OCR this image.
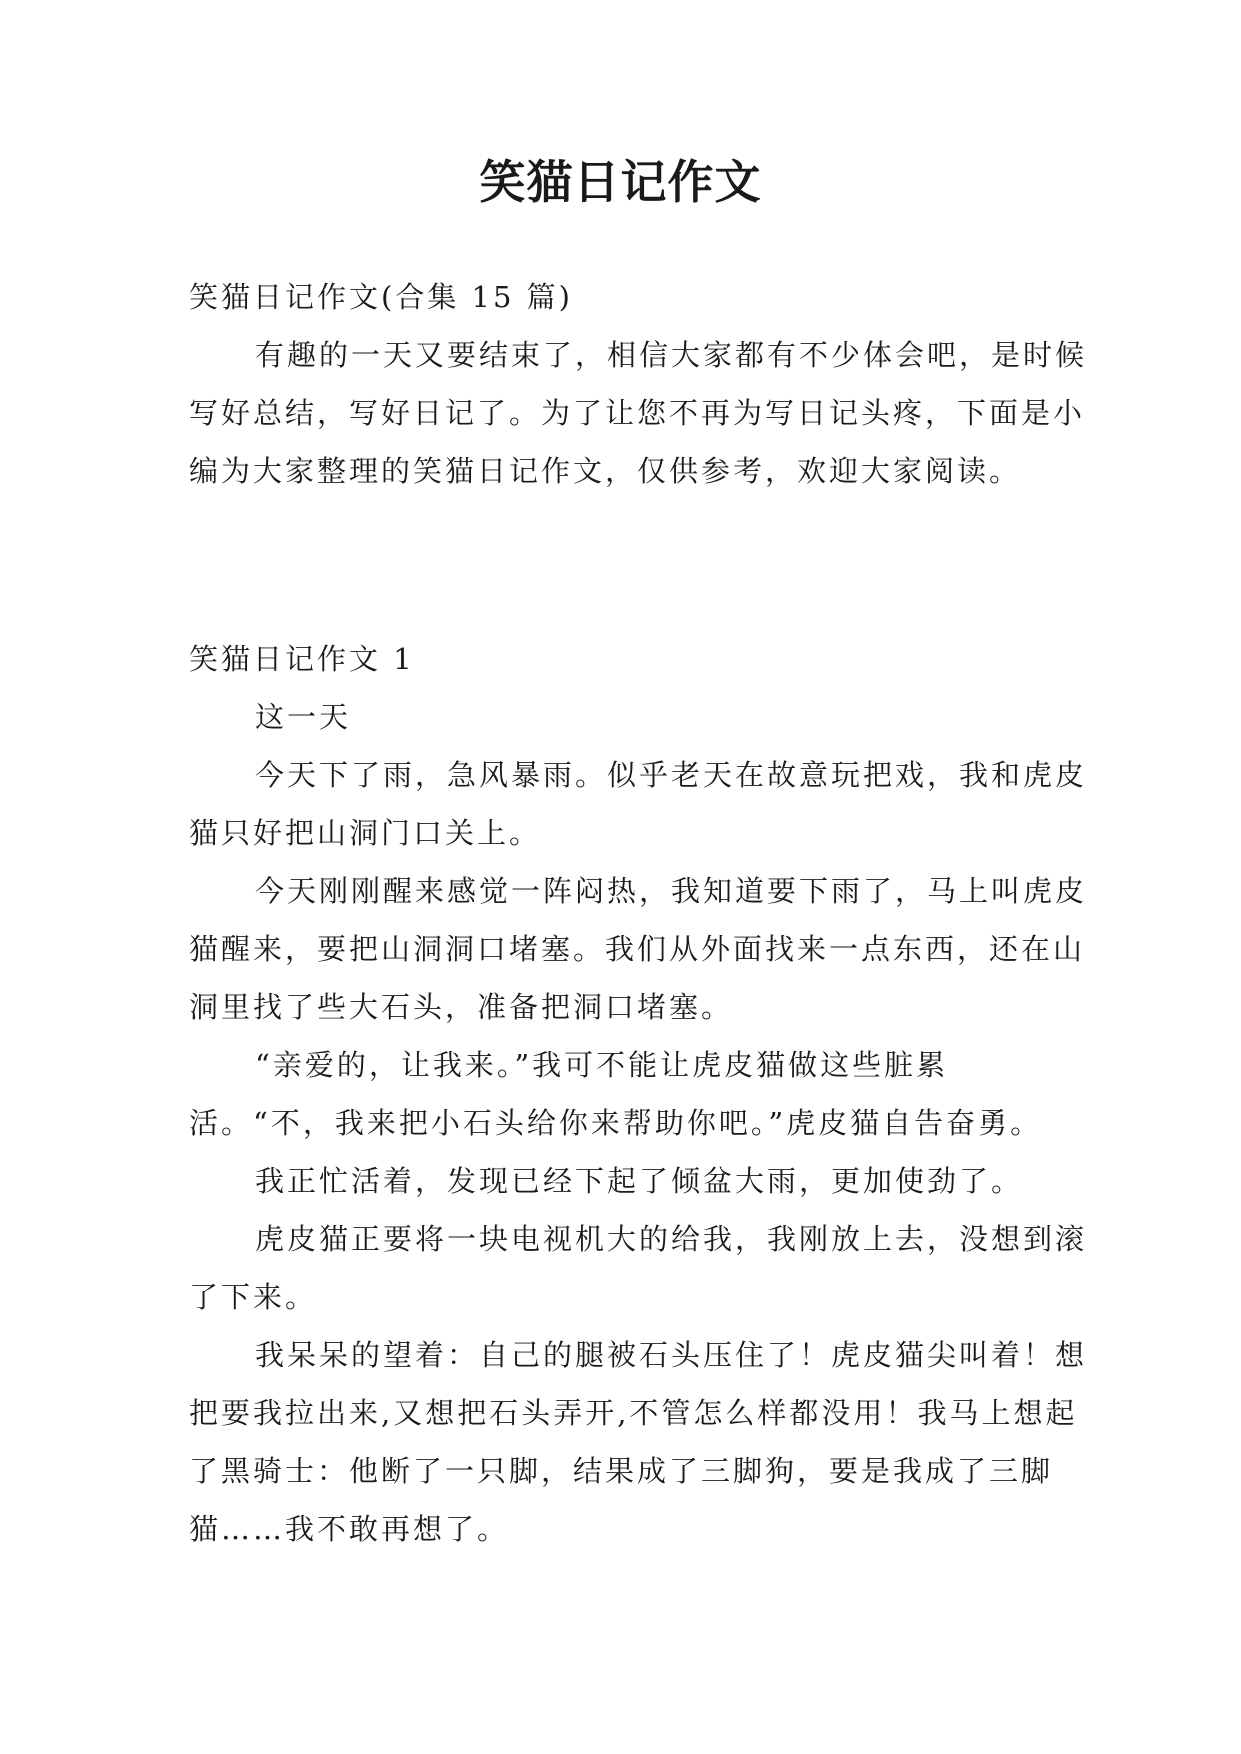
笑猫日记作文

笑猫日记作文(合集 15 篇)

有趣的一天又要结束了，相信大家都有不少体会吧，是时候写好总结，写好日记了。为了让您不再为写日记头疼，下面是小编为大家整理的笑猫日记作文，仅供参考，欢迎大家阅读。

笑猫日记作文 1

这一天

今天下了雨，急风暴雨。似乎老天在故意玩把戏，我和虎皮猫只好把山洞门口关上。

今天刚刚醒来感觉一阵闷热，我知道要下雨了，马上叫虎皮猫醒来，要把山洞洞口堵塞。我们从外面找来一点东西，还在山洞里找了些大石头，准备把洞口堵塞。

“亲爱的，让我来。”我可不能让虎皮猫做这些脏累活。“不，我来把小石头给你来帮助你吧。”虎皮猫自告奋勇。

我正忙活着，发现已经下起了倾盆大雨，更加使劲了。

虎皮猫正要将一块电视机大的给我，我刚放上去，没想到滚了下来。

我呆呆的望着：自己的腿被石头压住了！虎皮猫尖叫着！想把要我拉出来,又想把石头弄开,不管怎么样都没用！我马上想起了黑骑士：他断了一只脚，结果成了三脚狗，要是我成了三脚猫……我不敢再想了。
